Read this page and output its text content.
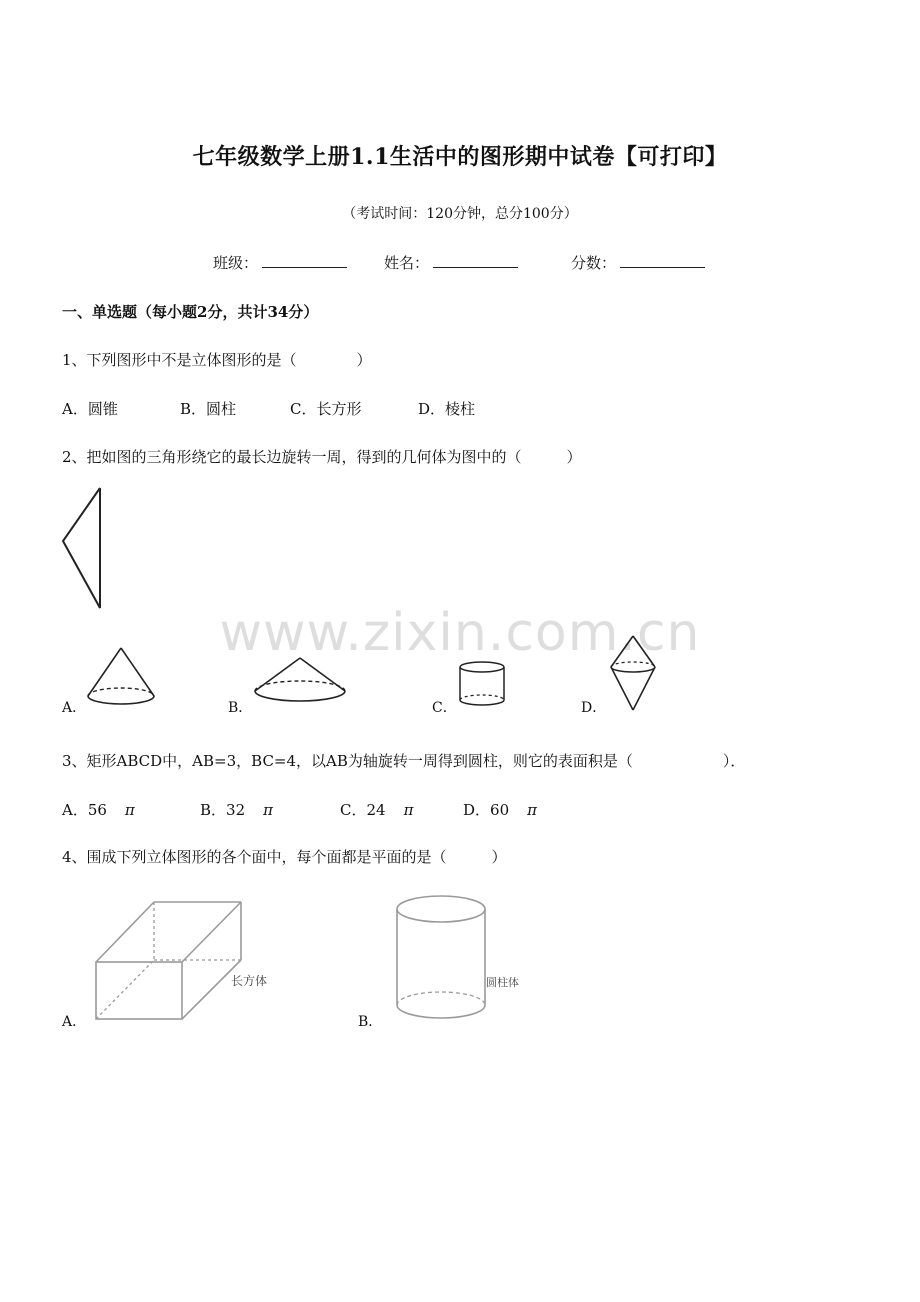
七年级数学上册1.1生活中的图形期中试卷【可打印】
（考试时间：120分钟，总分100分）
班级：	姓名：	分数：
一、单选题（每小题2分，共计34分）
1、下列图形中不是立体图形的是（　　　　）
A．圆锥	B．圆柱	C．长方形	D．棱柱
2、把如图的三角形绕它的最长边旋转一周，得到的几何体为图中的（　　　）
www.zixin.com.cn
A．	B．	C．	D．
3、矩形ABCD中，AB=3，BC=4，以AB为轴旋转一周得到圆柱，则它的表面积是（　　　　　　）．
A．56 π	B．32 π	C．24 π	D．60 π
4、围成下列立体图形的各个面中，每个面都是平面的是（　　　）
A．
长方体
B．
圆柱体
